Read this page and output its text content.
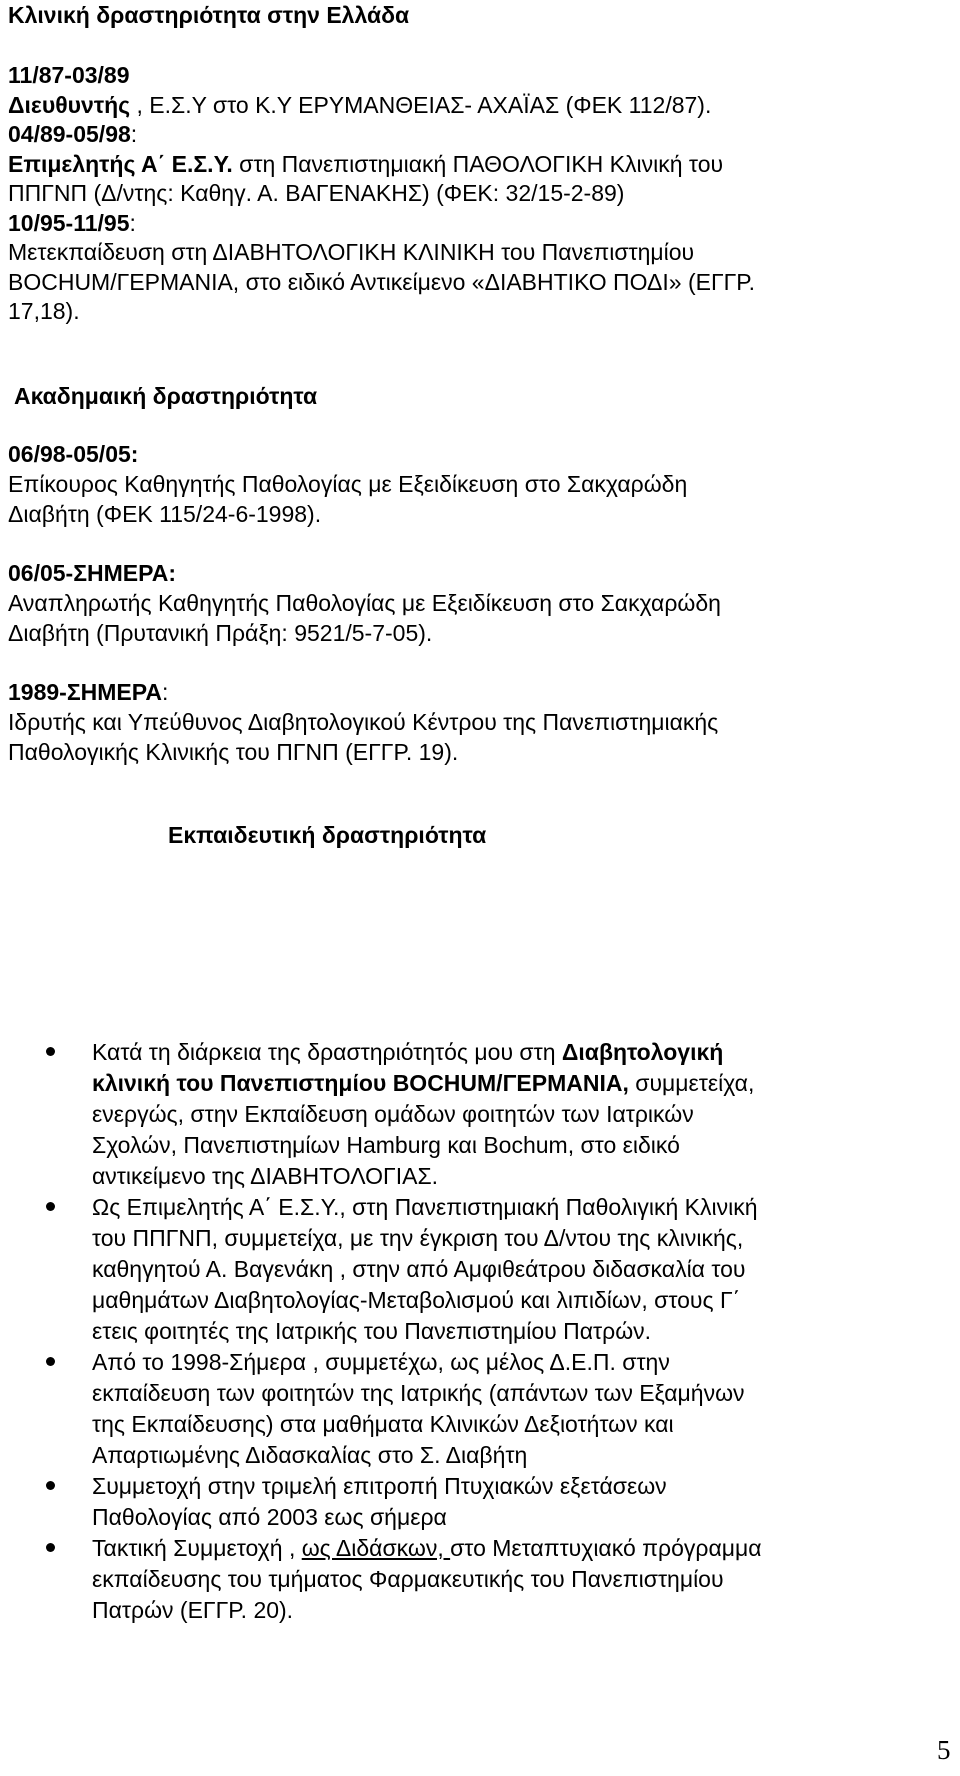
Κλινική δραστηριότητα στην Ελλάδα
11/87-03/89
Διευθυντής , Ε.Σ.Υ στο Κ.Υ ΕΡΥΜΑΝΘΕΙΑΣ- ΑΧΑΪΑΣ (ΦΕΚ 112/87).
04/89-05/98:
Επιμελητής Α΄ Ε.Σ.Υ. στη Πανεπιστημιακή ΠΑΘΟΛΟΓΙΚΗ Κλινική του
ΠΠΓΝΠ (Δ/ντης: Καθηγ. Α. ΒΑΓΕΝΑΚΗΣ) (ΦΕΚ: 32/15-2-89)
10/95-11/95:
Μετεκπαίδευση στη ΔΙΑΒΗΤΟΛΟΓΙΚΗ ΚΛΙΝΙΚΗ του Πανεπιστημίου
BOCHUM/ΓΕΡΜΑΝΙΑ, στο ειδικό Αντικείμενο «ΔΙΑΒΗΤΙΚΟ ΠΟΔΙ» (ΕΓΓΡ.
17,18).
Ακαδημαική δραστηριότητα
06/98-05/05:
Επίκουρος Καθηγητής Παθολογίας με Εξειδίκευση στο Σακχαρώδη
Διαβήτη (ΦΕΚ 115/24-6-1998).
06/05-ΣΗΜΕΡΑ:
Αναπληρωτής Καθηγητής Παθολογίας με Εξειδίκευση στο Σακχαρώδη
Διαβήτη (Πρυτανική Πράξη: 9521/5-7-05).
1989-ΣΗΜΕΡΑ:
Ιδρυτής και Υπεύθυνος Διαβητολογικού Κέντρου της Πανεπιστημιακής
Παθολογικής Κλινικής του ΠΓΝΠ (ΕΓΓΡ. 19).
Εκπαιδευτική δραστηριότητα
Κατά τη διάρκεια της δραστηριότητός μου στη Διαβητολογική
κλινική του Πανεπιστημίου BOCHUM/ΓΕΡΜΑΝΙΑ, συμμετείχα,
ενεργώς, στην Εκπαίδευση ομάδων φοιτητών των Ιατρικών
Σχολών, Πανεπιστημίων Hamburg και Bochum, στο ειδικό
αντικείμενο της ΔΙΑΒΗΤΟΛΟΓΙΑΣ.
Ως Επιμελητής Α΄ Ε.Σ.Υ., στη Πανεπιστημιακή Παθολιγική Κλινική
του ΠΠΓΝΠ, συμμετείχα, με την έγκριση του Δ/ντου της κλινικής,
καθηγητού Α. Βαγενάκη , στην από Αμφιθεάτρου διδασκαλία του
μαθημάτων Διαβητολογίας-Μεταβολισμού και λιπιδίων, στους Γ΄
ετεις φοιτητές της Ιατρικής του Πανεπιστημίου Πατρών.
Από το 1998-Σήμερα , συμμετέχω, ως μέλος Δ.Ε.Π. στην
εκπαίδευση των φοιτητών της Ιατρικής (απάντων των Εξαμήνων
της Εκπαίδευσης) στα μαθήματα Κλινικών Δεξιοτήτων και
Απαρτιωμένης Διδασκαλίας στο Σ. Διαβήτη
Συμμετοχή στην τριμελή επιτροπή Πτυχιακών εξετάσεων
Παθολογίας από 2003 εως σήμερα
Τακτική Συμμετοχή , ως Διδάσκων, στο Μεταπτυχιακό πρόγραμμα
εκπαίδευσης του τμήματος Φαρμακευτικής του Πανεπιστημίου
Πατρών (ΕΓΓΡ. 20).
5
